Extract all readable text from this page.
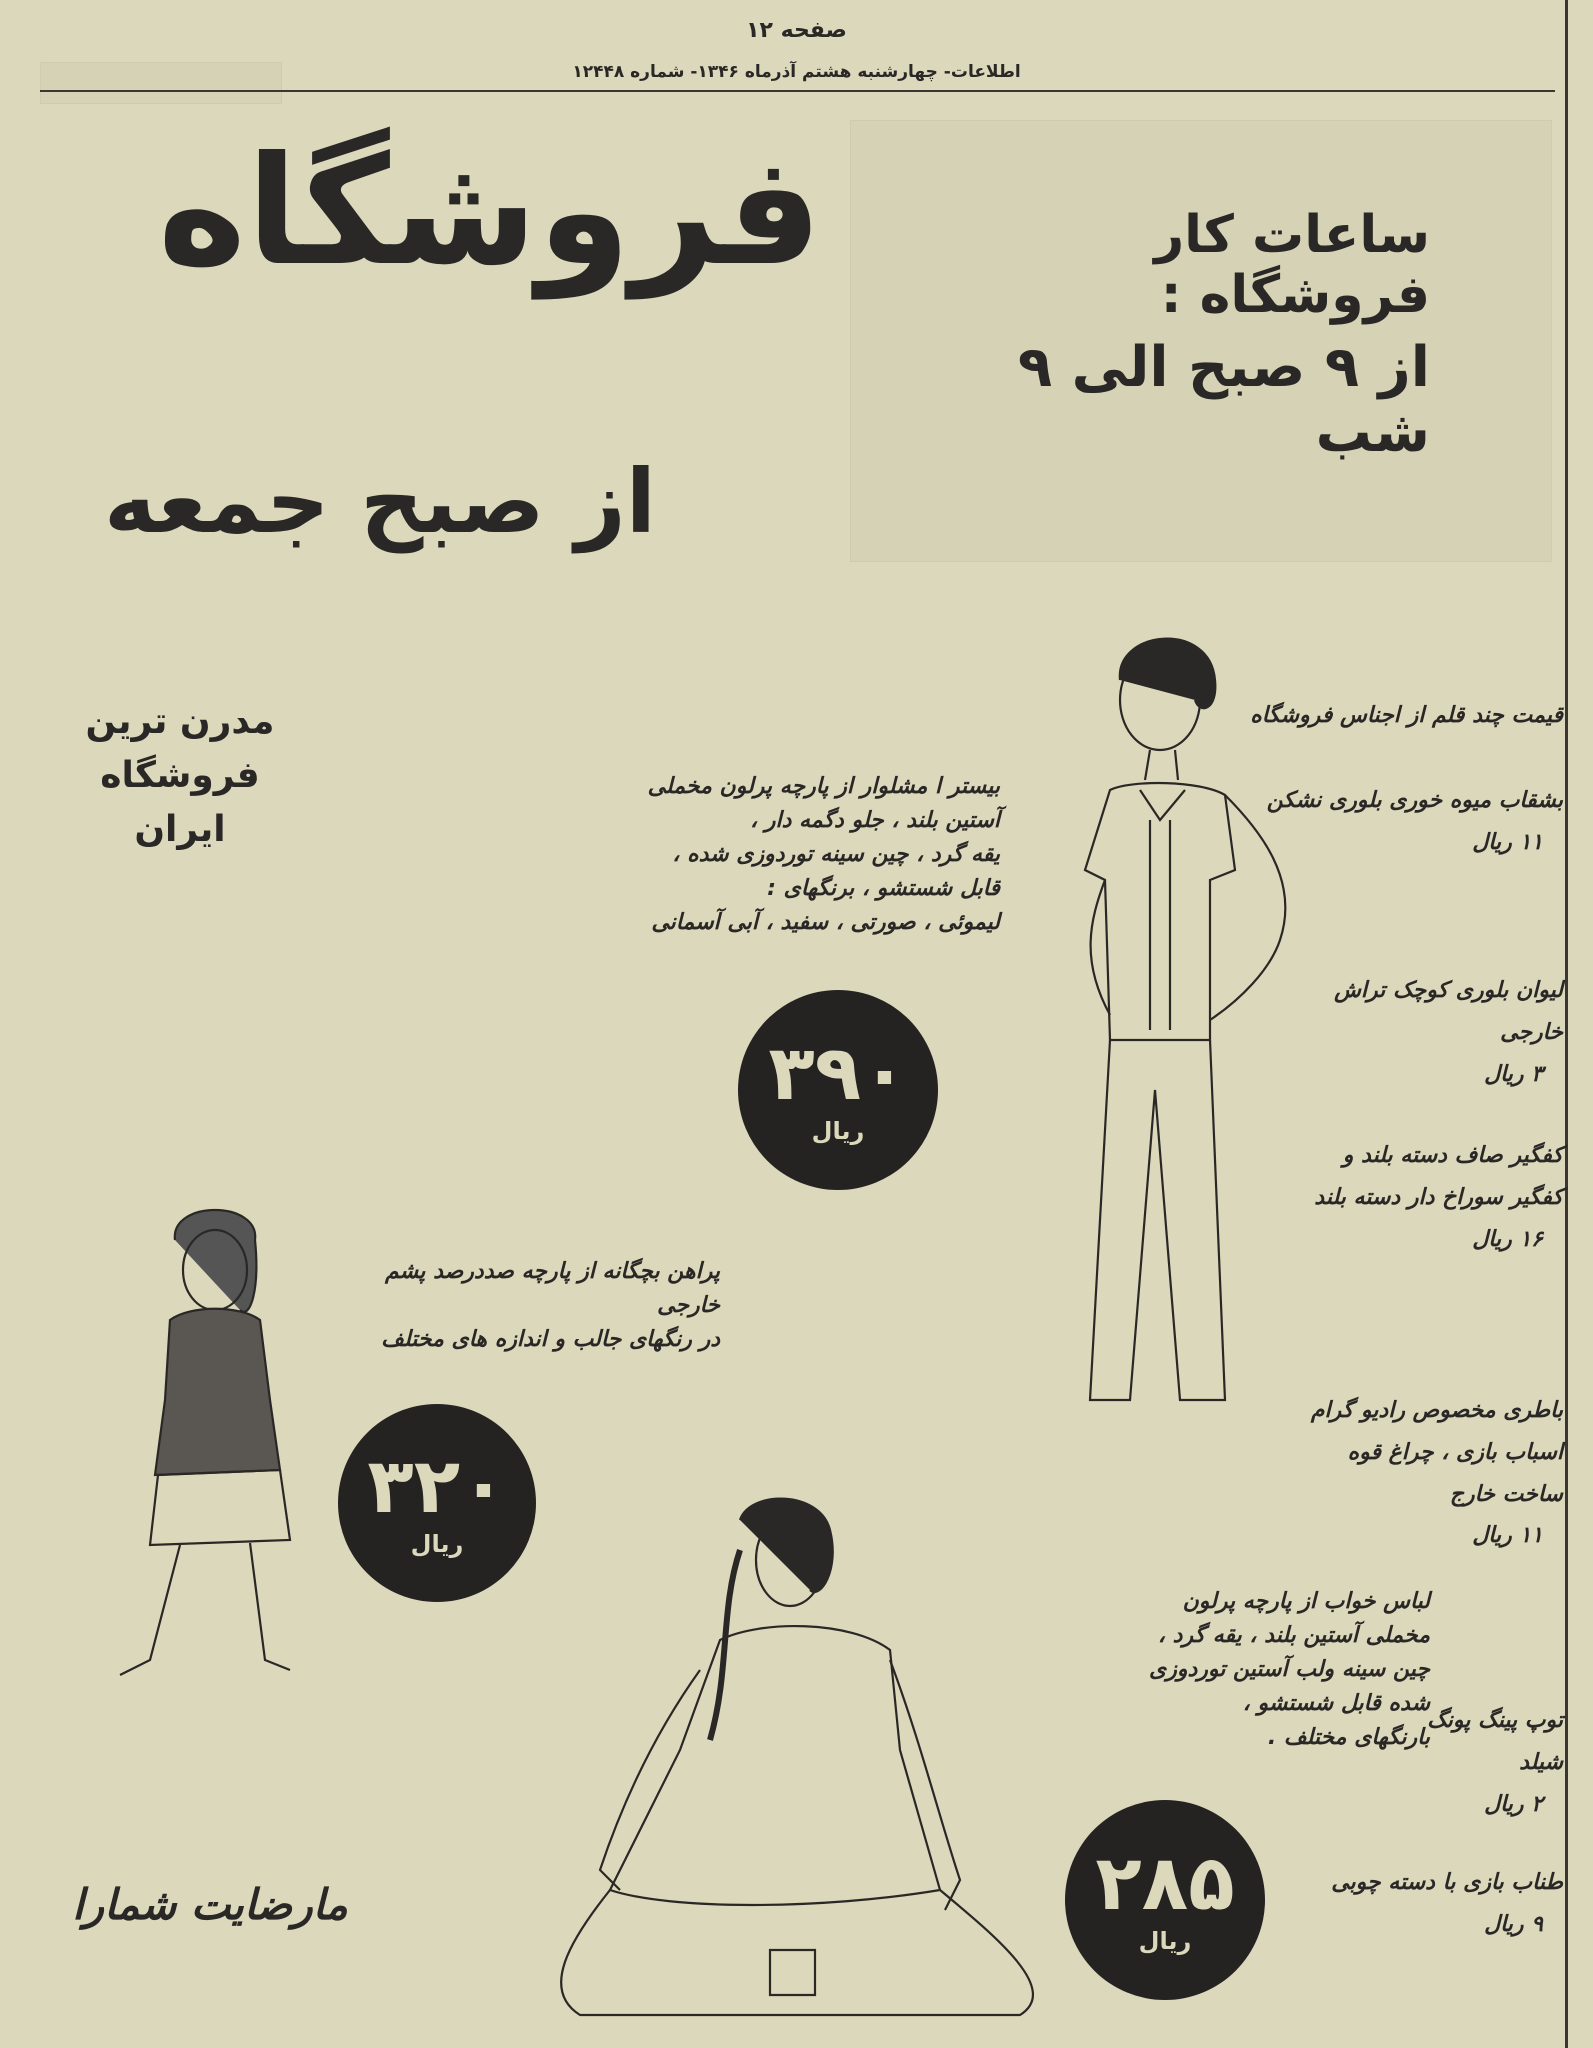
صفحه ۱۲
اطلاعات- چهارشنبه هشتم آذرماه ۱۳۴۶- شماره ۱۲۴۴۸
فروشگاه
از صبح جمعه
ساعات کار فروشگاه :
از ۹ صبح الی ۹ شب
مدرن ترین
فروشگاه
ایران
بیستر ا مشلوار از پارچه پرلون مخملی آستین بلند ، جلو دگمه دار ،
یقه گرد ، چین سینه توردوزی شده ، قابل شستشو ، برنگهای :
لیموئی ، صورتی ، سفید ، آبی آسمانی
۳۹۰
ریال
پراهن بچگانه از پارچه صددرصد پشم خارجی
در رنگهای جالب و اندازه های مختلف
۳۲۰
ریال
لباس خواب از پارچه پرلون مخملی آستین بلند ، یقه گرد ،
چین سینه ولب آستین توردوزی شده قابل شستشو ،
بارنگهای مختلف .
۲۸۵
ریال
قیمت چند قلم از اجناس فروشگاه
بشقاب میوه خوری بلوری نشکن
۱۱ ریال
لیوان بلوری کوچک تراش
خارجی
۳ ریال
کفگیر صاف دسته بلند و
کفگیر سوراخ دار دسته بلند
۱۶ ریال
باطری مخصوص رادیو گرام
اسباب بازی ، چراغ قوه
ساخت خارج
۱۱ ریال
توپ پینگ پونگ
شیلد
۲ ریال
طناب بازی با دسته چوبی
۹ ریال
مارضایت شمارا
